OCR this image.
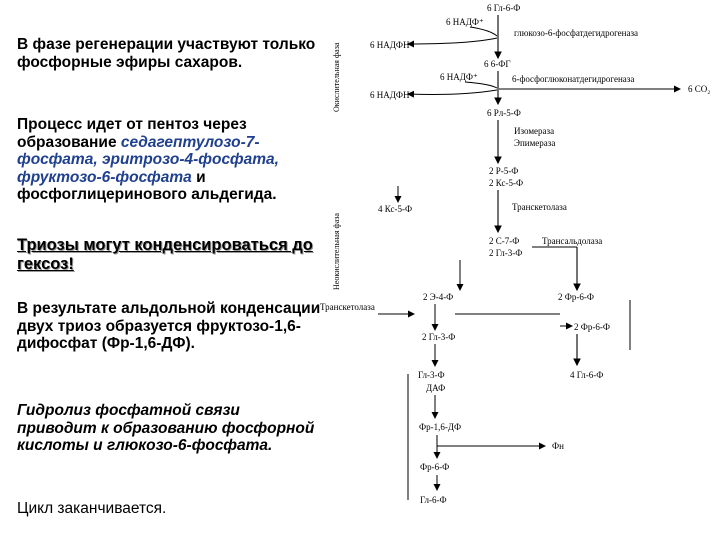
В фазе регенерации участвуют только фосфорные эфиры сахаров.
Процесс идет от пентоз через образование седагептулозо-7-фосфата, эритрозо-4-фосфата, фруктозо-6-фосфата и фосфоглицеринового альдегида.
Триозы могут конденсироваться до гексоз!
В результате альдольной конденсации двух триоз образуется фруктозо-1,6-дифосфат (Фр-1,6-ДФ).
Гидролиз фосфатной связи приводит к образованию фосфорной кислоты и глюкозо-6-фосфата.
Цикл заканчивается.
Окислительная фаза
Неокислительная фаза
6 Гл-6-Ф
6 НАДФ⁺
глюкозо-6-фосфатдегидрогеназа
6 НАДФН
6 6-ФГ
6 НАДФ⁺	6-фосфоглюконатдегидрогеназа
6 НАДФН
6 CO₂
6 Рл-5-Ф
Изомераза
Эпимераза
2 Р-5-Ф
2 Кс-5-Ф
4 Кс-5-Ф	Транскетолаза
2 С-7-Ф
2 Гл-3-Ф
Трансальдолаза
2 Э-4-Ф	2 Фр-6-Ф
Транскетолаза
2 Гл-3-Ф
2 Фр-6-Ф
Гл-3-Ф
ДАФ
4 Гл-6-Ф
Фр-1,6-ДФ
Фн
Фр-6-Ф
Гл-6-Ф
